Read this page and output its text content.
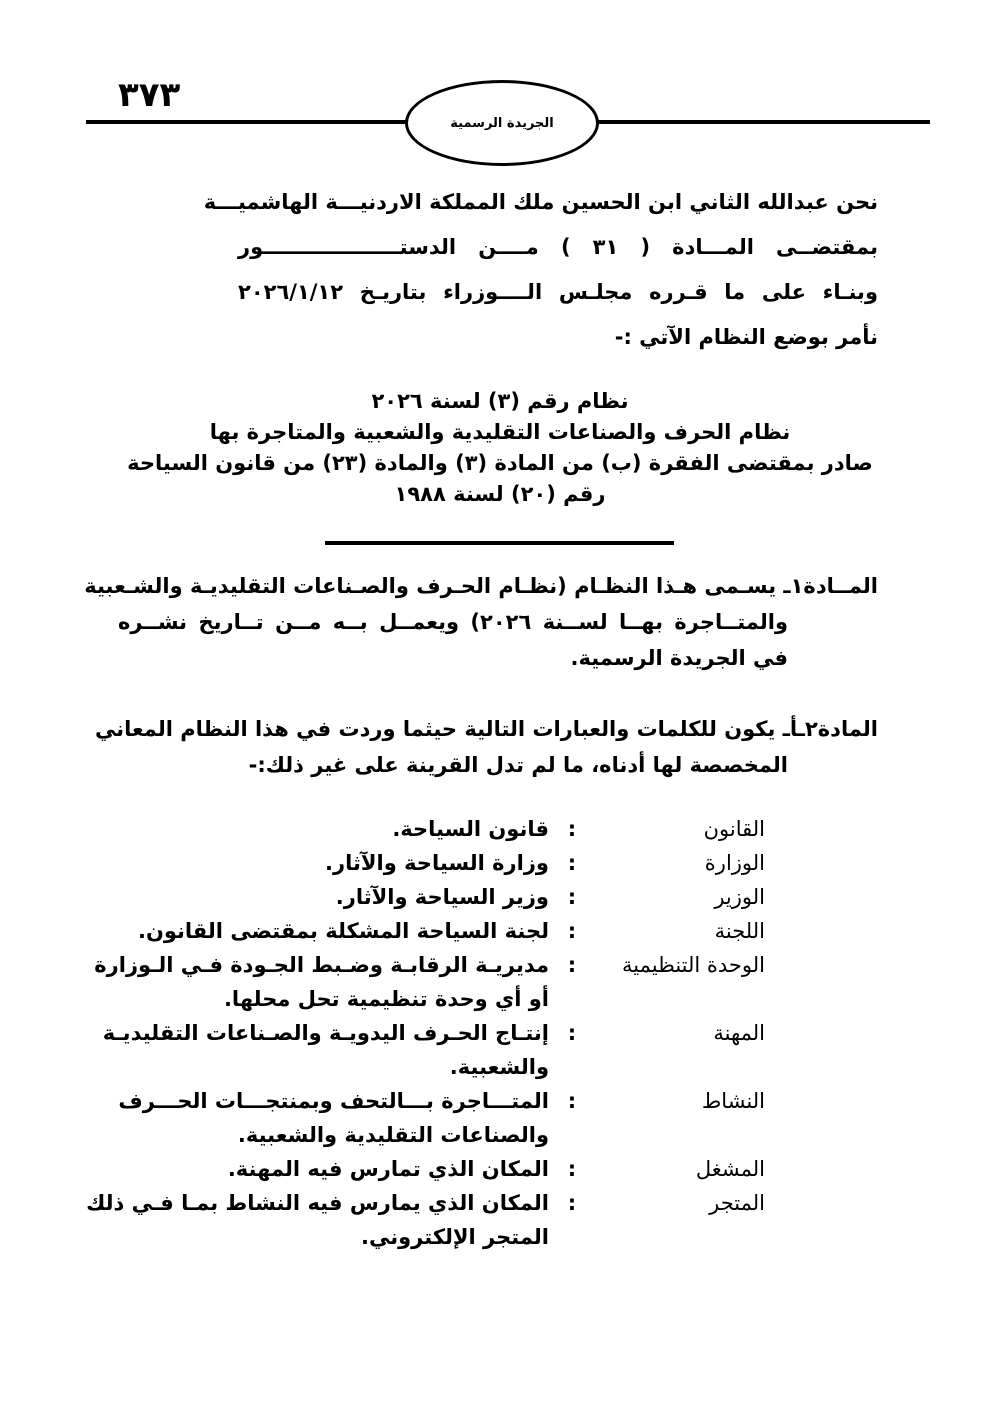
٣٧٣
الجريدة الرسمية
نحن عبدالله الثاني ابن الحسين ملك المملكة الاردنيـــة الهاشميـــة
بمقتضــى المـــادة ( ٣١ ) مــــن الدستـــــــــــــــــــور
وبنـاء على ما قـرره مجلـس الــــوزراء بتاريـخ ٢٠٢٦/١/١٢
نأمر بوضع النظام الآتي :-
نظام رقم (٣) لسنة ٢٠٢٦
نظام الحرف والصناعات التقليدية والشعبية والمتاجرة بها
صادر بمقتضى الفقرة (ب) من المادة (٣) والمادة (٢٣) من قانون السياحة
رقم (٢٠) لسنة ١٩٨٨
المــادة١ـ يسـمى هـذا النظـام (نظـام الحـرف والصـناعات التقليديـة والشـعبية
والمتــاجرة بهــا لســنة ٢٠٢٦) ويعمــل بــه مــن تــاريخ نشــره
في الجريدة الرسمية.
المادة٢ـأـ يكون للكلمات والعبارات التالية حيثما وردت في هذا النظام المعاني
المخصصة لها أدناه، ما لم تدل القرينة على غير ذلك:-
القانون
:
قانون السياحة.
الوزارة
:
وزارة السياحة والآثار.
الوزير
:
وزير السياحة والآثار.
اللجنة
:
لجنة السياحة المشكلة بمقتضى القانون.
الوحدة التنظيمية
:
مديريـة الرقابـة وضـبط الجـودة فـي الـوزارة
أو أي وحدة تنظيمية تحل محلها.
المهنة
:
إنتـاج الحـرف اليدويـة والصـناعات التقليديـة
والشعبية.
النشاط
:
المتـــاجرة بـــالتحف وبمنتجـــات الحـــرف
والصناعات التقليدية والشعبية.
المشغل
:
المكان الذي تمارس فيه المهنة.
المتجر
:
المكان الذي يمارس فيه النشاط بمـا فـي ذلك
المتجر الإلكتروني.
